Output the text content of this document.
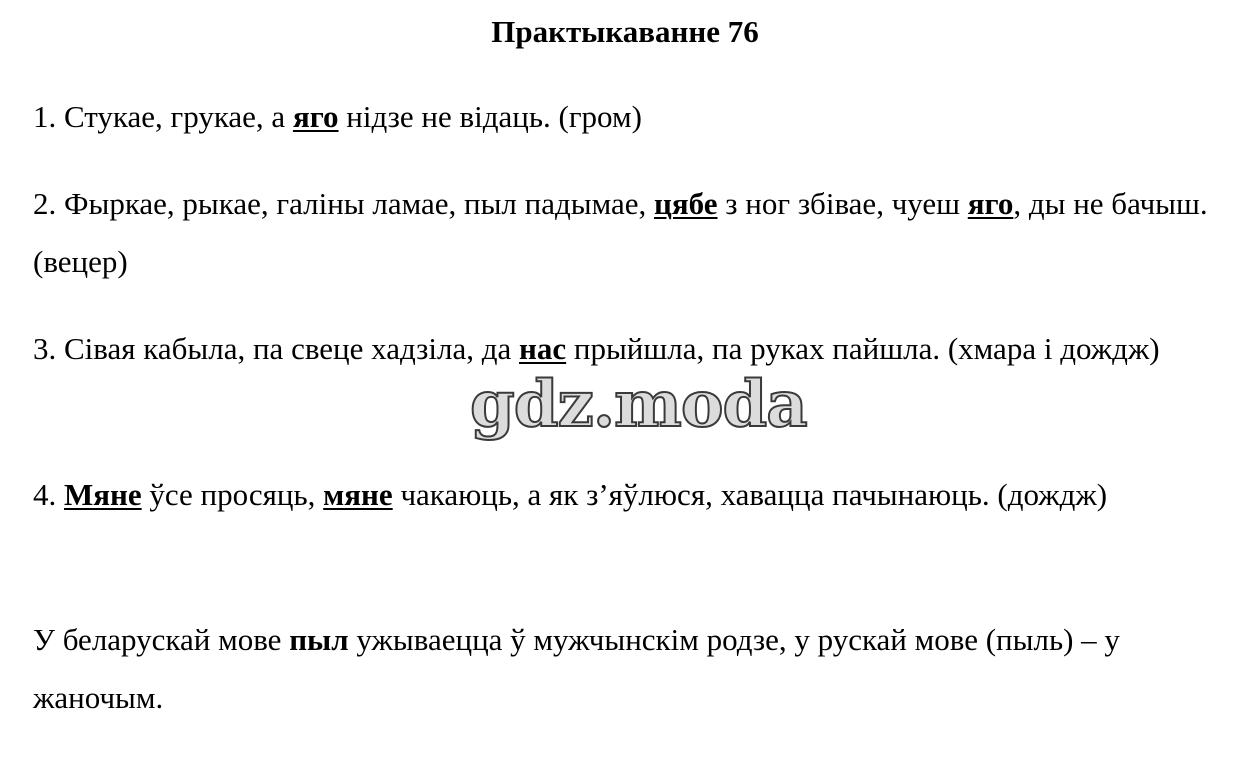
Практыкаванне 76

1. Стукае, грукае, а яго нідзе не відаць. (гром)

2. Фыркае, рыкае, галіны ламае, пыл падымае, цябе з ног збівае, чуеш яго, ды не бачыш. (вецер)

3. Сівая кабыла, па свеце хадзіла, да нас прыйшла, па руках пайшла. (хмара і дождж)

4. Мяне ўсе просяць, мяне чакаюць, а як з’яўлюся, хавацца пачынаюць. (дождж)

У беларускай мове пыл ужываецца ў мужчынскім родзе, у рускай мове (пыль) – у жаночым.

gdz.moda
